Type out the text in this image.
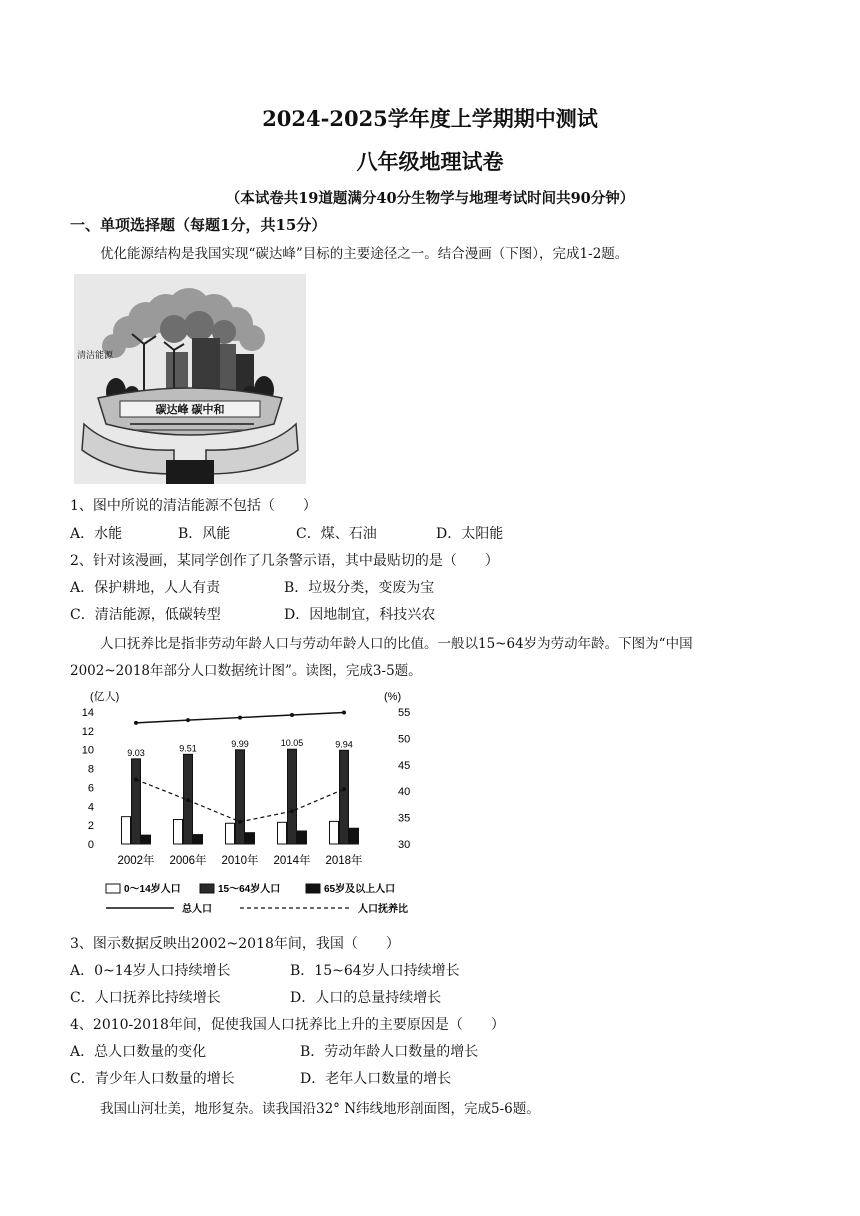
2024-2025学年度上学期期中测试
八年级地理试卷
（本试卷共19道题满分40分生物学与地理考试时间共90分钟）
一、单项选择题（每题1分，共15分）
优化能源结构是我国实现“碳达峰”目标的主要途径之一。结合漫画（下图），完成1-2题。
清洁能源
碳达峰 碳中和
1、图中所说的清洁能源不包括（　　）
A．水能	B．风能	C．煤、石油	D．太阳能
2、针对该漫画，某同学创作了几条警示语，其中最贴切的是（　　）
A．保护耕地，人人有责	B．垃圾分类，变废为宝
C．清洁能源，低碳转型	D．因地制宜，科技兴农
人口抚养比是指非劳动年龄人口与劳动年龄人口的比值。一般以15~64岁为劳动年龄。下图为“中国
2002~2018年部分人口数据统计图”。读图，完成3-5题。
(亿人)	(%)
14
12
10
8
6
4
2
0
55
50
45
40
35
30
2002年 2006年 2010年 2014年 2018年
9.03	9.51	9.99	10.05	9.94
0～14岁人口	15～64岁人口	65岁及以上人口
总人口	人口抚养比
3、图示数据反映出2002~2018年间，我国（　　）
A．0~14岁人口持续增长	B．15~64岁人口持续增长
C．人口抚养比持续增长	D．人口的总量持续增长
4、2010-2018年间，促使我国人口抚养比上升的主要原因是（　　）
A．总人口数量的变化	B．劳动年龄人口数量的增长
C．青少年人口数量的增长	D．老年人口数量的增长
我国山河壮美，地形复杂。读我国沿32° N纬线地形剖面图，完成5-6题。
